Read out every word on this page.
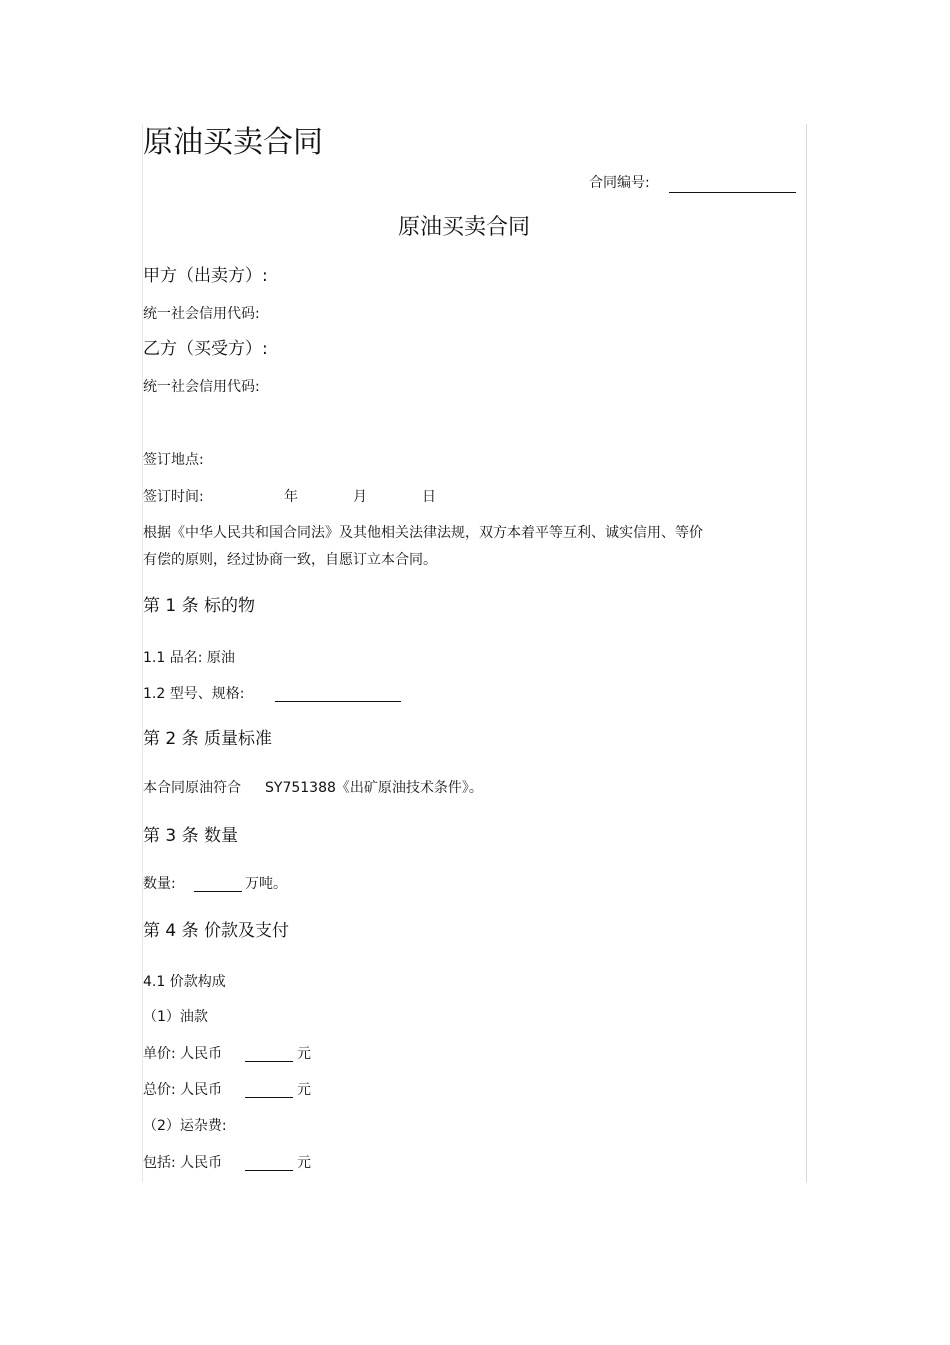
原油买卖合同
合同编号:
原油买卖合同
甲方（出卖方）:
统一社会信用代码:
乙方（买受方）:
统一社会信用代码:
签订地点:
签订时间:	年	月	日
根据《中华人民共和国合同法》及其他相关法律法规，双方本着平等互利、诚实信用、等价
有偿的原则，经过协商一致，自愿订立本合同。
第 1 条 标的物
1.1 品名: 原油
1.2 型号、规格:
第 2 条 质量标准
本合同原油符合 SY751388《出矿原油技术条件》。
第 3 条 数量
数量:	万吨。
第 4 条 价款及支付
4.1 价款构成
（1）油款
单价: 人民币	元
总价: 人民币	元
（2）运杂费:
包括: 人民币	元
